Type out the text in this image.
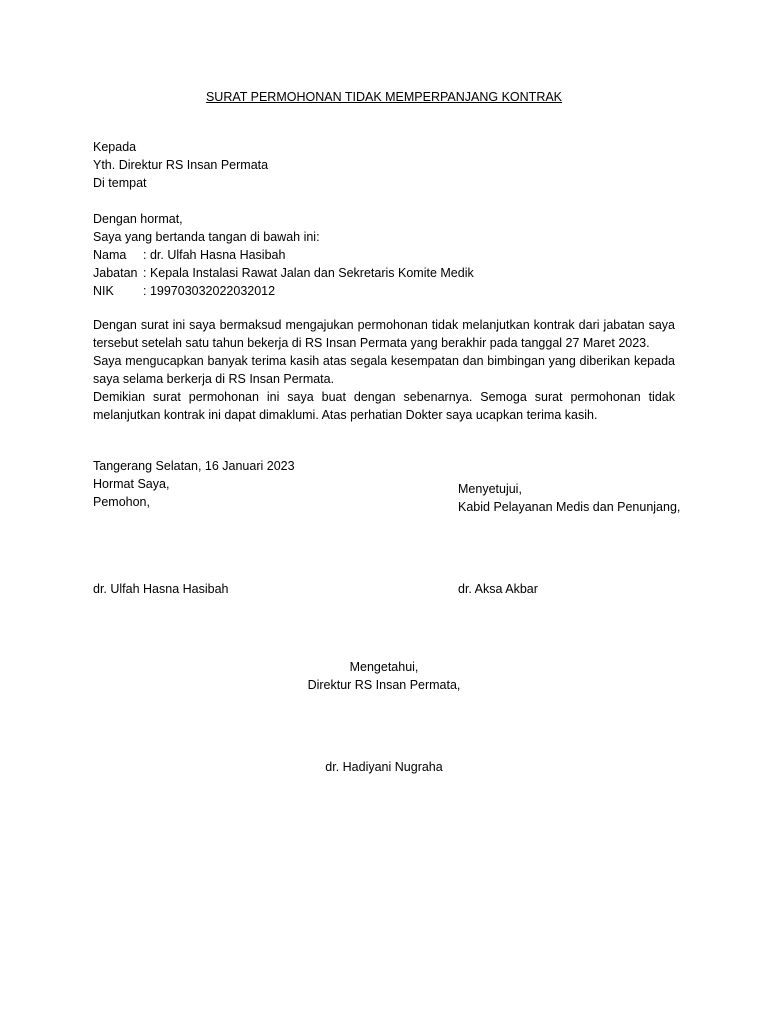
SURAT PERMOHONAN TIDAK MEMPERPANJANG KONTRAK
Kepada
Yth. Direktur RS Insan Permata
Di tempat
Dengan hormat,
Saya yang bertanda tangan di bawah ini:
Nama	: dr. Ulfah Hasna Hasibah
Jabatan : Kepala Instalasi Rawat Jalan dan Sekretaris Komite Medik
NIK	: 199703032022032012

Dengan surat ini saya bermaksud mengajukan permohonan tidak melanjutkan kontrak dari jabatan saya tersebut setelah satu tahun bekerja di RS Insan Permata yang berakhir pada tanggal 27 Maret 2023.

Saya mengucapkan banyak terima kasih atas segala kesempatan dan bimbingan yang diberikan kepada saya selama berkerja di RS Insan Permata.

Demikian surat permohonan ini saya buat dengan sebenarnya. Semoga surat permohonan tidak melanjutkan kontrak ini dapat dimaklumi. Atas perhatian Dokter saya ucapkan terima kasih.

Tangerang Selatan, 16 Januari 2023
Hormat Saya,
Pemohon,
Menyetujui,
Kabid Pelayanan Medis dan Penunjang,
dr. Ulfah Hasna Hasibah	dr. Aksa Akbar
Mengetahui,
Direktur RS Insan Permata,
dr. Hadiyani Nugraha
